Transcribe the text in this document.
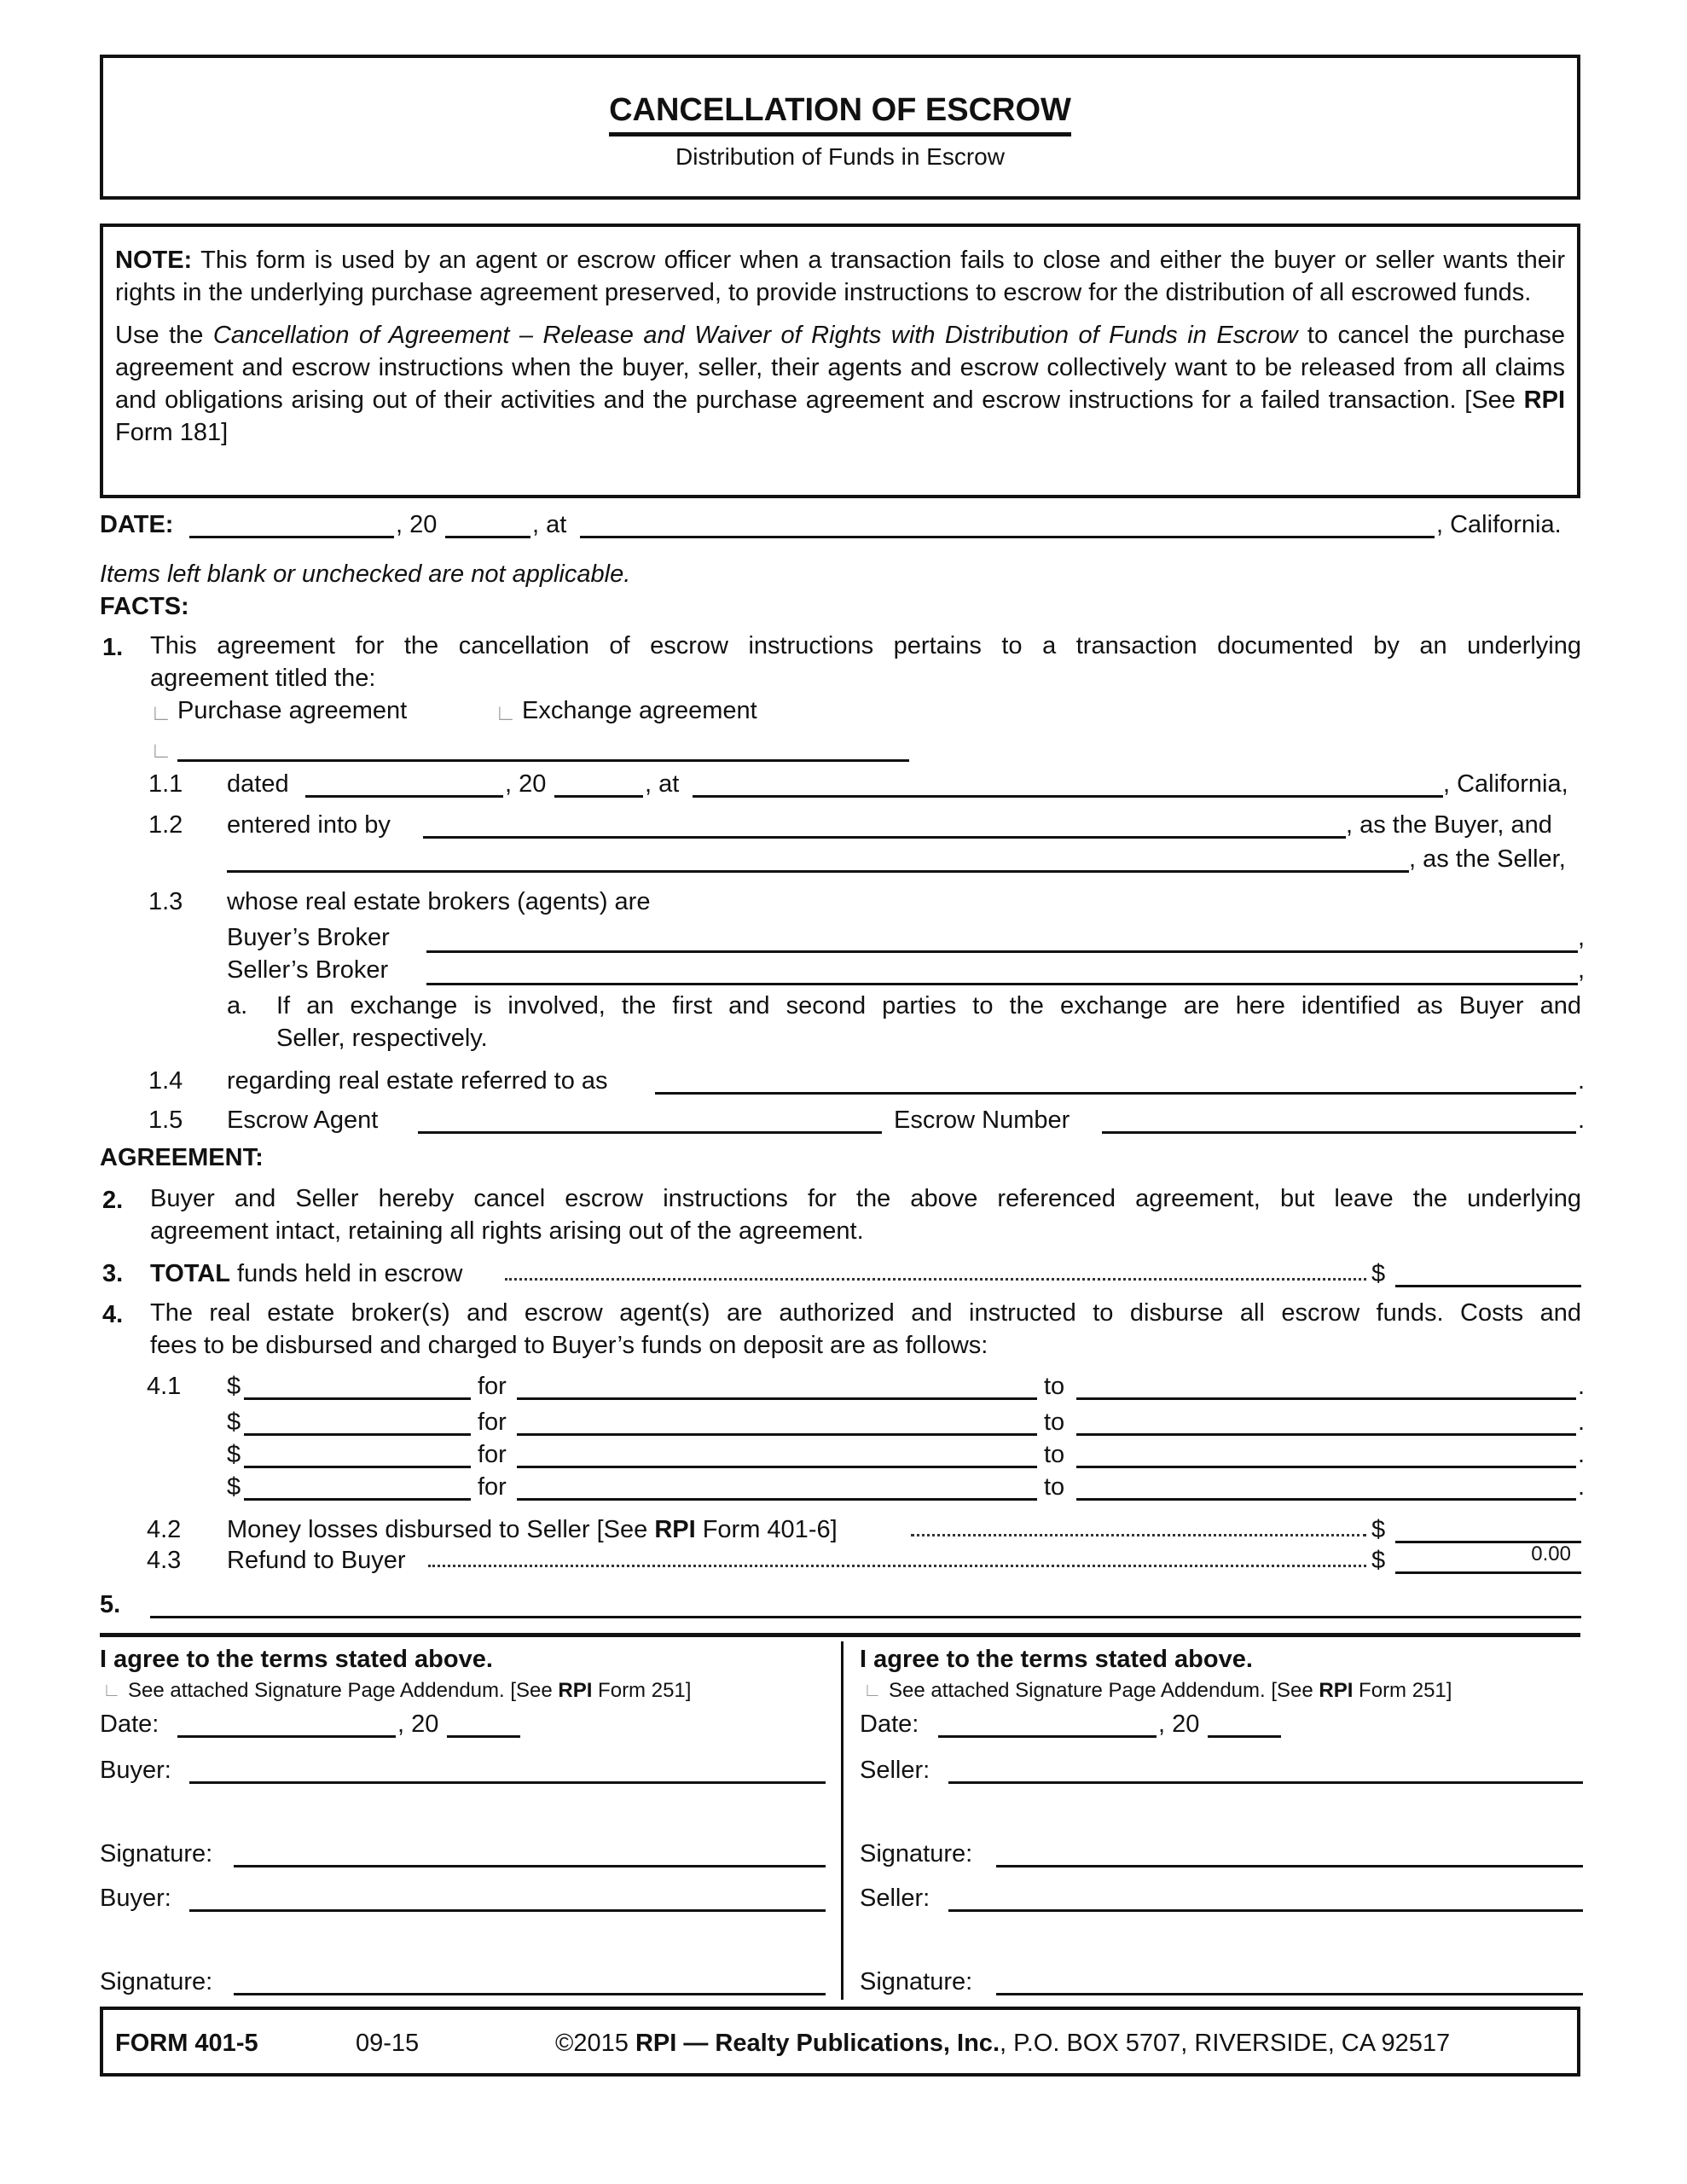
CANCELLATION OF ESCROW
Distribution of Funds in Escrow

NOTE: This form is used by an agent or escrow officer when a transaction fails to close and either the buyer or seller wants their rights in the underlying purchase agreement preserved, to provide instructions to escrow for the distribution of all escrowed funds.

Use the Cancellation of Agreement – Release and Waiver of Rights with Distribution of Funds in Escrow to cancel the purchase agreement and escrow instructions when the buyer, seller, their agents and escrow collectively want to be released from all claims and obligations arising out of their activities and the purchase agreement and escrow instructions for a failed transaction. [See RPI Form 181]

DATE:	, 20	, at	, California.
Items left blank or unchecked are not applicable.
FACTS:
1. This agreement for the cancellation of escrow instructions pertains to a transaction documented by an underlying
agreement titled the:
∟ Purchase agreement	∟ Exchange agreement
∟
1.1 dated	, 20	, at	, California,
1.2 entered into by	, as the Buyer, and
, as the Seller,
1.3 whose real estate brokers (agents) are
Buyer’s Broker	,
Seller’s Broker	,
a. If an exchange is involved, the first and second parties to the exchange are here identified as Buyer and
Seller, respectively.
1.4 regarding real estate referred to as	.
1.5 Escrow Agent	Escrow Number	.
AGREEMENT:
2. Buyer and Seller hereby cancel escrow instructions for the above referenced agreement, but leave the underlying
agreement intact, retaining all rights arising out of the agreement.
3. TOTAL funds held in escrow	$
4. The real estate broker(s) and escrow agent(s) are authorized and instructed to disburse all escrow funds. Costs and
fees to be disbursed and charged to Buyer’s funds on deposit are as follows:
4.1 $	for	to	.
$	for	to	.
$	for	to	.
$	for	to	.
4.2 Money losses disbursed to Seller [See RPI Form 401-6]	$
4.3 Refund to Buyer	$	0.00
5.
I agree to the terms stated above.
∟ See attached Signature Page Addendum. [See RPI Form 251]
Date:	, 20
Buyer:
Signature:
Buyer:
Signature:
I agree to the terms stated above.
∟ See attached Signature Page Addendum. [See RPI Form 251]
Date:	, 20
Seller:
Signature:
Seller:
Signature:
FORM 401-5	09-15	©2015 RPI — Realty Publications, Inc., P.O. BOX 5707, RIVERSIDE, CA 92517
